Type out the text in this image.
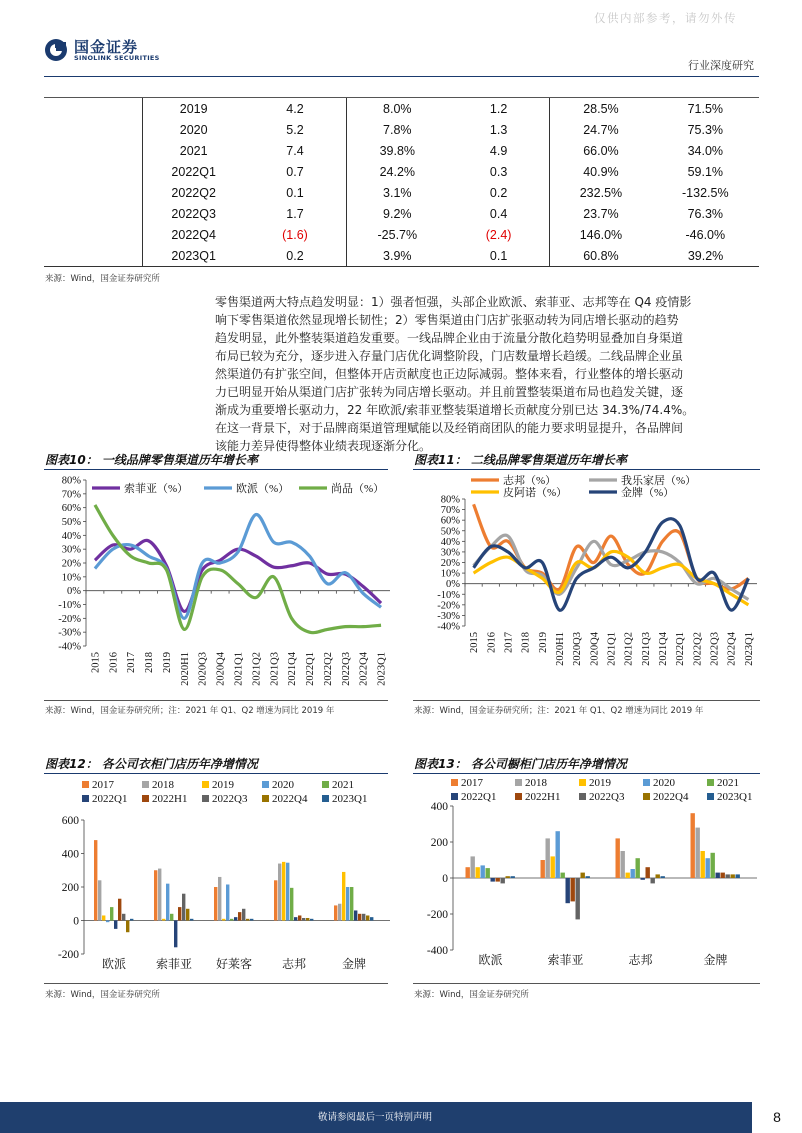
国金证券
SINOLINK SECURITIES
仅供内部参考，请勿外传
行业深度研究
2019	4.2	8.0%	1.2	28.5%	71.5%
2020	5.2	7.8%	1.3	24.7%	75.3%
2021	7.4	39.8%	4.9	66.0%	34.0%
2022Q1	0.7	24.2%	0.3	40.9%	59.1%
2022Q2	0.1	3.1%	0.2	232.5%	-132.5%
2022Q3	1.7	9.2%	0.4	23.7%	76.3%
2022Q4	(1.6)	-25.7%	(2.4)	146.0%	-46.0%
2023Q1	0.2	3.9%	0.1	60.8%	39.2%
来源：Wind，国金证券研究所
零售渠道两大特点趋发明显：1）强者恒强，头部企业欧派、索菲亚、志邦等在 Q4 疫情影
响下零售渠道依然显现增长韧性；2）零售渠道由门店扩张驱动转为同店增长驱动的趋势
趋发明显，此外整装渠道趋发重要。一线品牌企业由于流量分散化趋势明显叠加自身渠道
布局已较为充分，逐步进入存量门店优化调整阶段，门店数量增长趋缓。二线品牌企业虽
然渠道仍有扩张空间，但整体开店贡献度也正边际减弱。整体来看，行业整体的增长驱动
力已明显开始从渠道门店扩张转为同店增长驱动。并且前置整装渠道布局也趋发关键，逐
渐成为重要增长驱动力，22 年欧派/索菲亚整装渠道增长贡献度分别已达 34.3%/74.4%。
在这一背景下，对于品牌商渠道管理赋能以及经销商团队的能力要求明显提升，各品牌间
该能力差异使得整体业绩表现逐渐分化。
图表10： 一线品牌零售渠道历年增长率
80%
70%
60%
50%
40%
30%
20%
10%
0%
-10%
-20%
-30%
-40%
2015 2016 2017 2018 2019 2020H1 2020Q3 2020Q4 2021Q1 2021Q2 2021Q3 2021Q4 2022Q1 2022Q2 2022Q3 2022Q4 2023Q1
索菲亚（%）	欧派（%）	尚品（%）
来源：Wind，国金证券研究所；注：2021 年 Q1、Q2 增速为同比 2019 年
图表11： 二线品牌零售渠道历年增长率
80%
70%
60%
50%
40%
30%
20%
10%
0%
-10%
-20%
-30%
-40%
2015 2016 2017 2018 2019 2020H1 2020Q3 2020Q4 2021Q1 2021Q2 2021Q3 2021Q4 2022Q1 2022Q2 2022Q3 2022Q4 2023Q1
志邦（%）	我乐家居（%）
皮阿诺（%）	金牌（%）
来源：Wind，国金证券研究所；注：2021 年 Q1、Q2 增速为同比 2019 年
图表12： 各公司衣柜门店历年净增情况
600
400
200
0
-200
欧派 索菲亚 好莱客 志邦	金牌
2017	2018	2019	2020	2021
2022Q1 2022H1 2022Q3 2022Q4 2023Q1
来源：Wind，国金证券研究所
图表13： 各公司橱柜门店历年净增情况
400
200
0
-200
-400
欧派	索菲亚	志邦	金牌
2017	2018	2019	2020	2021
2022Q1	2022H1	2022Q3	2022Q4	2023Q1
来源：Wind，国金证券研究所
敬请参阅最后一页特别声明	8
